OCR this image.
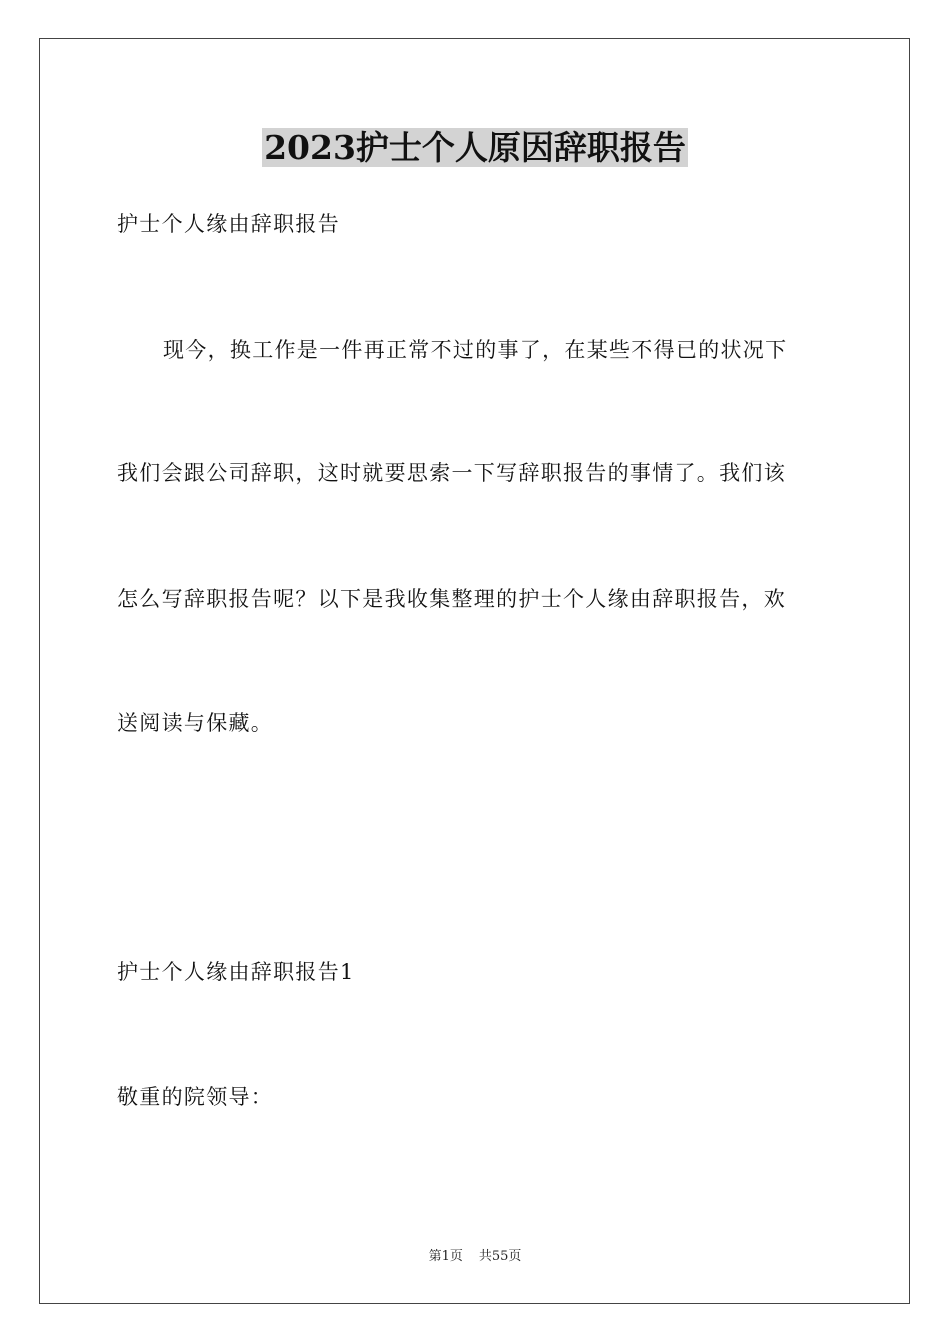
2023护士个人原因辞职报告
护士个人缘由辞职报告
现今，换工作是一件再正常不过的事了，在某些不得已的状况下
我们会跟公司辞职，这时就要思索一下写辞职报告的事情了。我们该
怎么写辞职报告呢？以下是我收集整理的护士个人缘由辞职报告，欢
送阅读与保藏。
护士个人缘由辞职报告1
敬重的院领导：
第1页 共55页
